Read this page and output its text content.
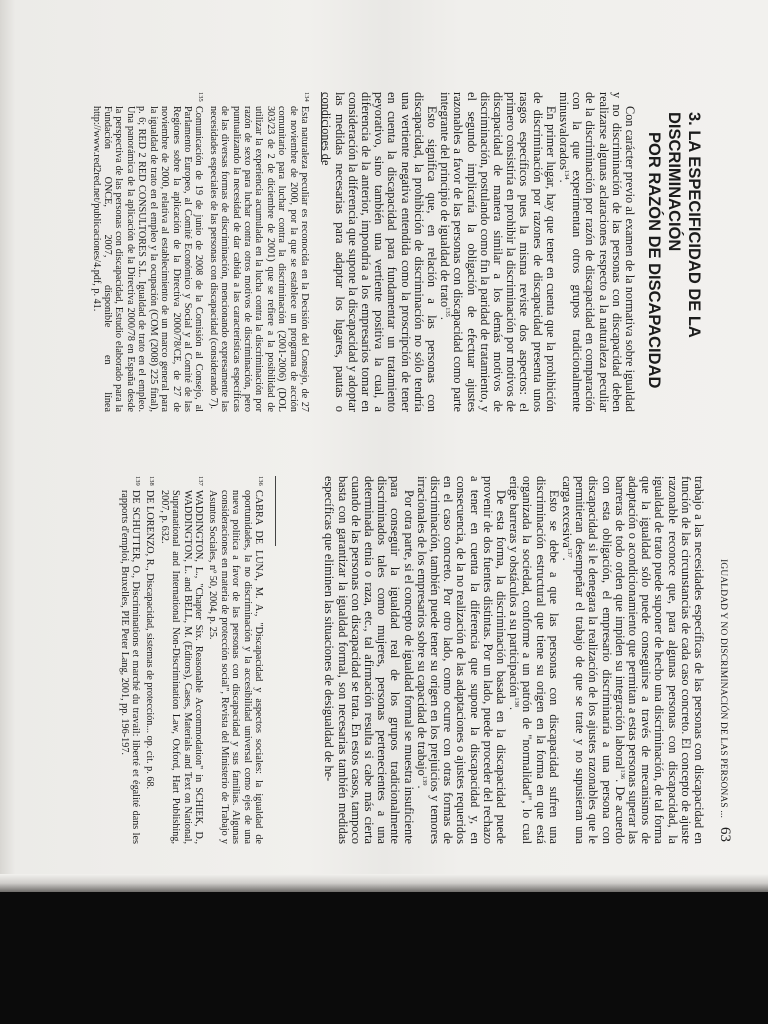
3. LA ESPECIFICIDAD DE LA DISCRIMINACIÓN
POR RAZÓN DE DISCAPACIDAD

Con carácter previo al examen de la normativa sobre igualdad y no discriminación de las personas con discapacidad deben realizarse algunas aclaraciones respecto a la naturaleza peculiar de la discriminación por razón de discapacidad en comparación con la que experimentan otros grupos tradicionalmente minusvalorados$^{134}$.

En primer lugar, hay que tener en cuenta que la prohibición de discriminación por razones de discapacidad presenta unos rasgos específicos pues la misma reviste dos aspectos: el primero consistiría en prohibir la discriminación por motivos de discapacidad de manera similar a los demás motivos de discriminación, postulando como fin la paridad de tratamiento, y el segundo implicaría la obligación de efectuar ajustes razonables a favor de las personas con discapacidad como parte integrante del principio de igualdad de trato$^{135}$.

Esto significa que, en relación a las personas con discapacidad, la prohibición de discriminación no sólo tendría una vertiente negativa entendida como la proscripción de tener en cuenta la discapacidad para fundamentar un tratamiento peyorativo, sino también una vertiente positiva la cual, a diferencia de la anterior, impondría a los empresarios tomar en consideración la diferencia que supone la discapacidad y adoptar las medidas necesarias para adaptar los lugares, pautas o condiciones de

134Esta naturaleza peculiar es reconocida en la Decisión del Consejo, de 27 de noviembre de 2000, por la que se establece un programa de acción comunitario para luchar contra la discriminación (2001-2006) (DOL 303/23 de 2 de diciembre de 2001) que se refiere a la posibilidad de utilizar la experiencia acumulada en la lucha contra la discriminación por razón de sexo para luchar contra otros motivos de discriminación, pero puntualizando la necesidad de dar cabida a las características específicas de las diversas formas de discriminación, mencionando expresamente las necesidades especiales de las personas con discapacidad (considerando 7).

135Comunicación de 19 de junio de 2008 de la Comisión al Consejo, al Parlamento Europeo, al Comité Económico y Social y al Comité de las Regiones sobre la aplicación de la Directiva 2000/78/CE, de 27 de noviembre de 2000, relativa al establecimiento de un marco general para la igualdad de trato en el empleo y la ocupación (COM (2008) 225 final), p. 6; RED 2 RED CONSULTORES S.L. Igualdad de trato en el empleo. Una panorámica de la aplicación de la Directiva 2000/78 en España desde la perspectiva de las personas con discapacidad, Estudio elaborado para la Fundación ONCE, 2007, disponible en línea http://www.red2red.net/publicaciones/4.pdf, p. 41.

IGUALDAD Y NO DISCRIMINACIÓN DE LAS PERSONAS ...

63

trabajo a las necesidades específicas de las personas con discapacidad en función de las circunstancias de cada caso concreto. El concepto de ajuste razonable reconoce que, para algunas personas con discapacidad, la igualdad de trato puede suponer de hecho una discriminación, de tal forma que la igualdad sólo puede conseguirse a través de mecanismos de adaptación o acondicionamiento que permitan a estas personas superar las barreras de todo orden que impiden su integración laboral$^{136}$. De acuerdo con esta obligación, el empresario discriminaría a una persona con discapacidad si le denegara la realización de los ajustes razonables que le permitieran desempeñar el trabajo de que se trate y no supusieran una carga excesiva$^{137}$.

Esto se debe a que las personas con discapacidad sufren una discriminación estructural que tiene su origen en la forma en que está organizada la sociedad, conforme a un patrón de "normalidad", lo cual erige barreras y obstáculos a su participación$^{138}$.

De esta forma, la discriminación basada en la discapacidad puede provenir de dos fuentes distintas. Por un lado, puede proceder del rechazo a tener en cuenta la diferencia que supone la discapacidad y, en consecuencia, de la no realización de las adaptaciones o ajustes requeridos en el caso concreto. Por otro lado, como ocurre con otras formas de discriminación, también puede tener su origen en los prejuicios y temores irracionales de los empresarios sobre su capacidad de trabajo$^{139}$.

Por otra parte, si el concepto de igualdad formal se muestra insuficiente para conseguir la igualdad real de los grupos tradicionalmente discriminados tales como mujeres, personas pertenecientes a una determinada etnia o raza, etc., tal afirmación resulta si cabe más cierta cuando de las personas con discapacidad se trata. En estos casos, tampoco basta con garantizar la igualdad formal, son necesarias también medidas específicas que eliminen las situaciones de desigualdad de he-

136CABRA DE LUNA, M. A., "Discapacidad y aspectos sociales: la igualdad de oportunidades, la no discriminación y la accesibilidad universal como ejes de una nueva política a favor de las personas con discapacidad y sus familias. Algunas consideraciones en materia de protección social", Revista del Ministerio de Trabajo y Asuntos Sociales, nº 50, 2004, p. 25.

137WADDINGTON, L., "Chapter Six. Reasonable Accommodation" in SCHIEK, D., WADDINGTON, L. and BELL, M. (Editors), Cases, Materials and Text on National, Supranational and International Non-Discrimination Law, Oxford, Hart Publishing, 2007, p. 632.

138DE LORENZO, R., Discapacidad, sistemas de protección... op. cit. p. 68.

139DE SCHUTTER, O., Discriminations et marché du travail: liberté et égalité dans les rapports d'emploi, Bruxelles, PIE Peter Lang, 2001, pp. 196-197.
